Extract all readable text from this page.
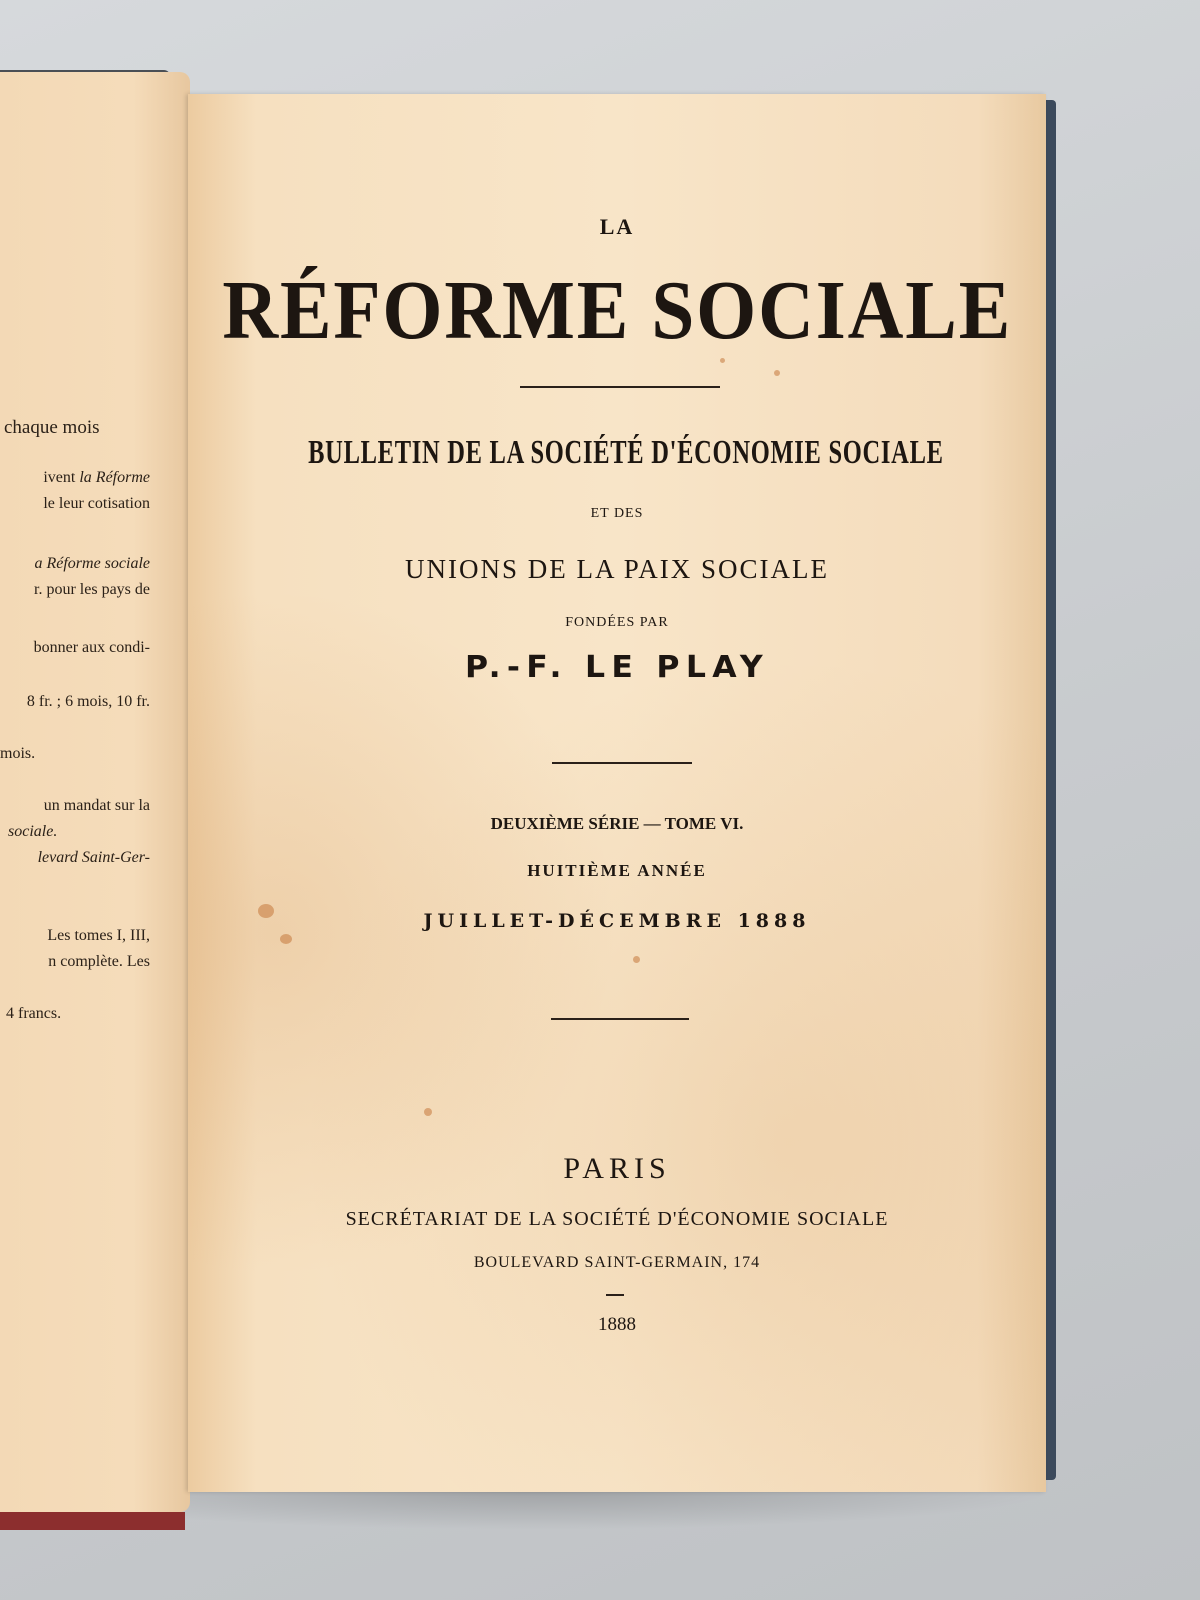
chaque mois
ivent la Réforme
le leur cotisation
a Réforme sociale
r. pour les pays de
bonner aux condi-
8 fr. ; 6 mois, 10 fr.
mois.
un mandat sur la
sociale.
levard Saint-Ger-
Les tomes I, III,
n complète. Les
4 francs.
LA
RÉFORME SOCIALE
BULLETIN DE LA SOCIÉTÉ D'ÉCONOMIE SOCIALE
ET DES
UNIONS DE LA PAIX SOCIALE
FONDÉES PAR
P.-F. LE PLAY
DEUXIÈME SÉRIE — TOME VI.
HUITIÈME ANNÉE
JUILLET-DÉCEMBRE 1888
PARIS
SECRÉTARIAT DE LA SOCIÉTÉ D'ÉCONOMIE SOCIALE
BOULEVARD SAINT-GERMAIN, 174
1888
